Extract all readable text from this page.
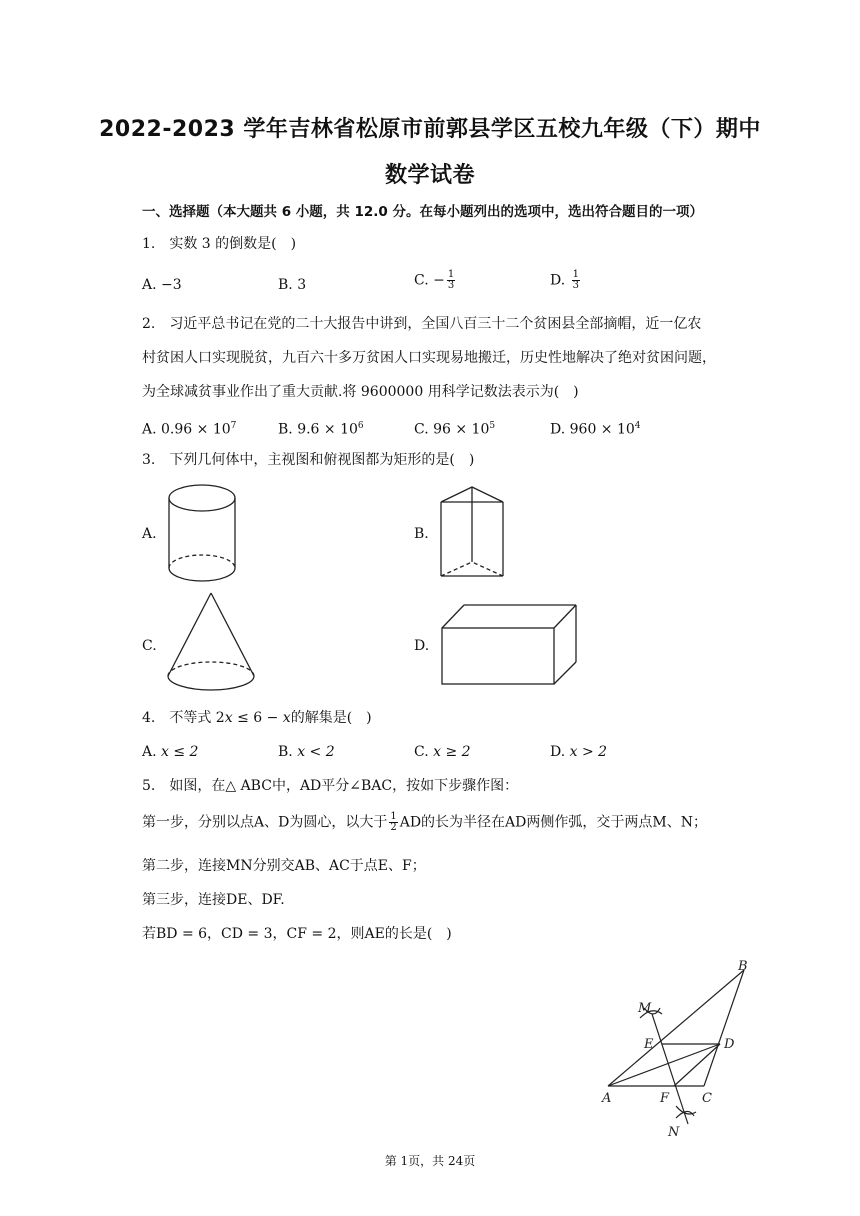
2022-2023 学年吉林省松原市前郭县学区五校九年级（下）期中
数学试卷
一、选择题（本大题共 6 小题，共 12.0 分。在每小题列出的选项中，选出符合题目的一项）
1.　实数 3 的倒数是(　)
A. −3	B. 3	C. − $\frac{1}{3}$	D. $\frac{1}{3}$
2.　习近平总书记在党的二十大报告中讲到，全国八百三十二个贫困县全部摘帽，近一亿农
村贫困人口实现脱贫，九百六十多万贫困人口实现易地搬迁，历史性地解决了绝对贫困问题，
为全球减贫事业作出了重大贡献.将 9600000 用科学记数法表示为(　)
A. $0.96 \times 10^7$	B. $9.6 \times 10^6$	C. $96 \times 10^5$	D. $960 \times 10^4$
3.　下列几何体中，主视图和俯视图都为矩形的是(　)
A.	B.
C.	D.
4.　不等式 2x ≤ 6 − x的解集是(　)
A. x ≤ 2	B. x < 2	C. x ≥ 2	D. x > 2
5.　如图，在△ ABC中，AD平分∠BAC，按如下步骤作图：
第一步，分别以点A、D为圆心，以大于 $\frac{1}{2}$ AD的长为半径在AD两侧作弧，交于两点M、N；
第二步，连接MN分别交AB、AC于点E、F；
第三步，连接DE、DF.
若BD = 6，CD = 3，CF = 2，则AE的长是(　)
A
B
C
D
E
F
M
N
第 1页，共 24页
